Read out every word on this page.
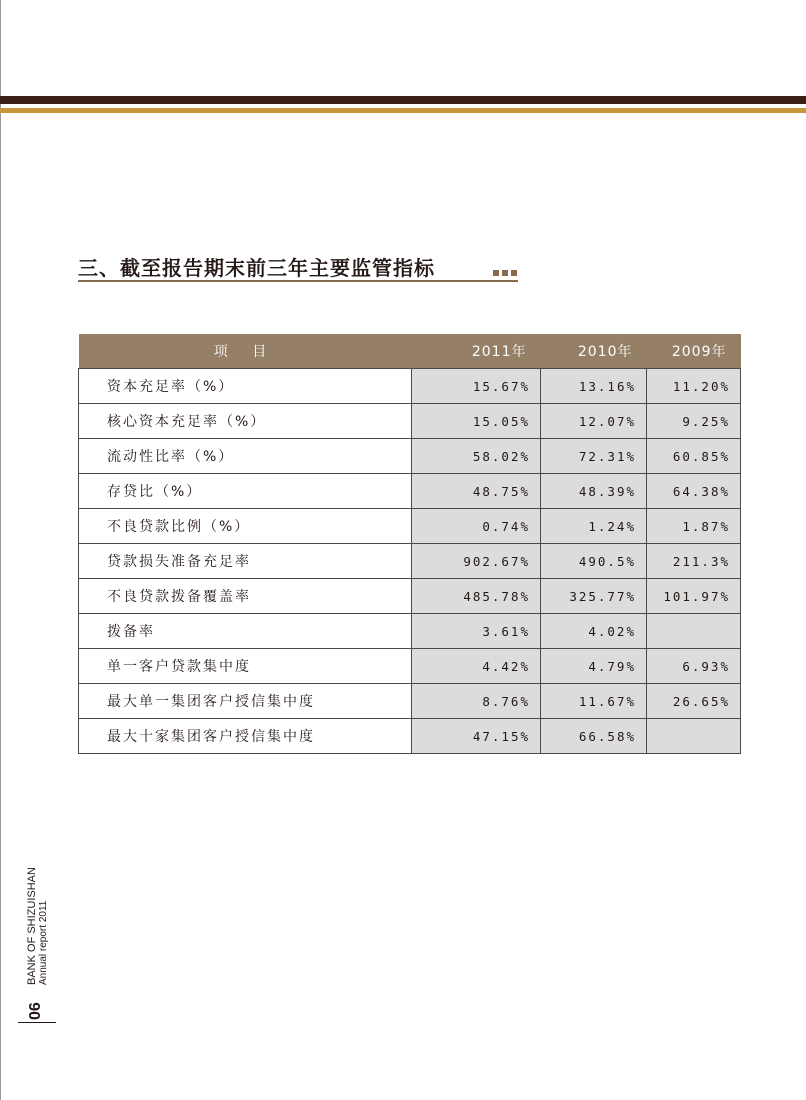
三、截至报告期末前三年主要监管指标
项 目	2011年	2010年	2009年
资本充足率（%）	15.67%	13.16%	11.20%
核心资本充足率（%）	15.05%	12.07%	9.25%
流动性比率（%）	58.02%	72.31%	60.85%
存贷比（%）	48.75%	48.39%	64.38%
不良贷款比例（%）	0.74%	1.24%	1.87%
贷款损失准备充足率	902.67%	490.5%	211.3%
不良贷款拨备覆盖率	485.78%	325.77%	101.97%
拨备率	3.61%	4.02%	
单一客户贷款集中度	4.42%	4.79%	6.93%
最大单一集团客户授信集中度	8.76%	11.67%	26.65%
最大十家集团客户授信集中度	47.15%	66.58%	
BANK OF SHIZUISHAN Annual report 2011
06
